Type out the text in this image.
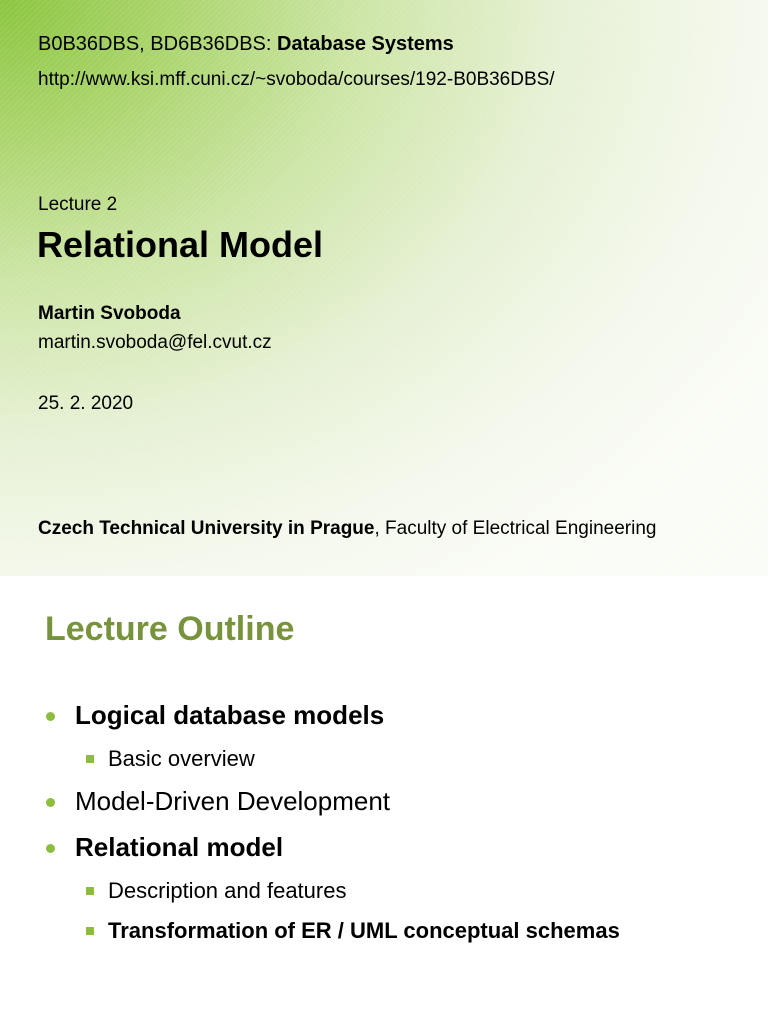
B0B36DBS, BD6B36DBS: Database Systems
http://www.ksi.mff.cuni.cz/~svoboda/courses/192-B0B36DBS/
Lecture 2
Relational Model
Martin Svoboda
martin.svoboda@fel.cvut.cz
25. 2. 2020
Czech Technical University in Prague, Faculty of Electrical Engineering
Lecture Outline
Logical database models
Basic overview
Model-Driven Development
Relational model
Description and features
Transformation of ER / UML conceptual schemas
